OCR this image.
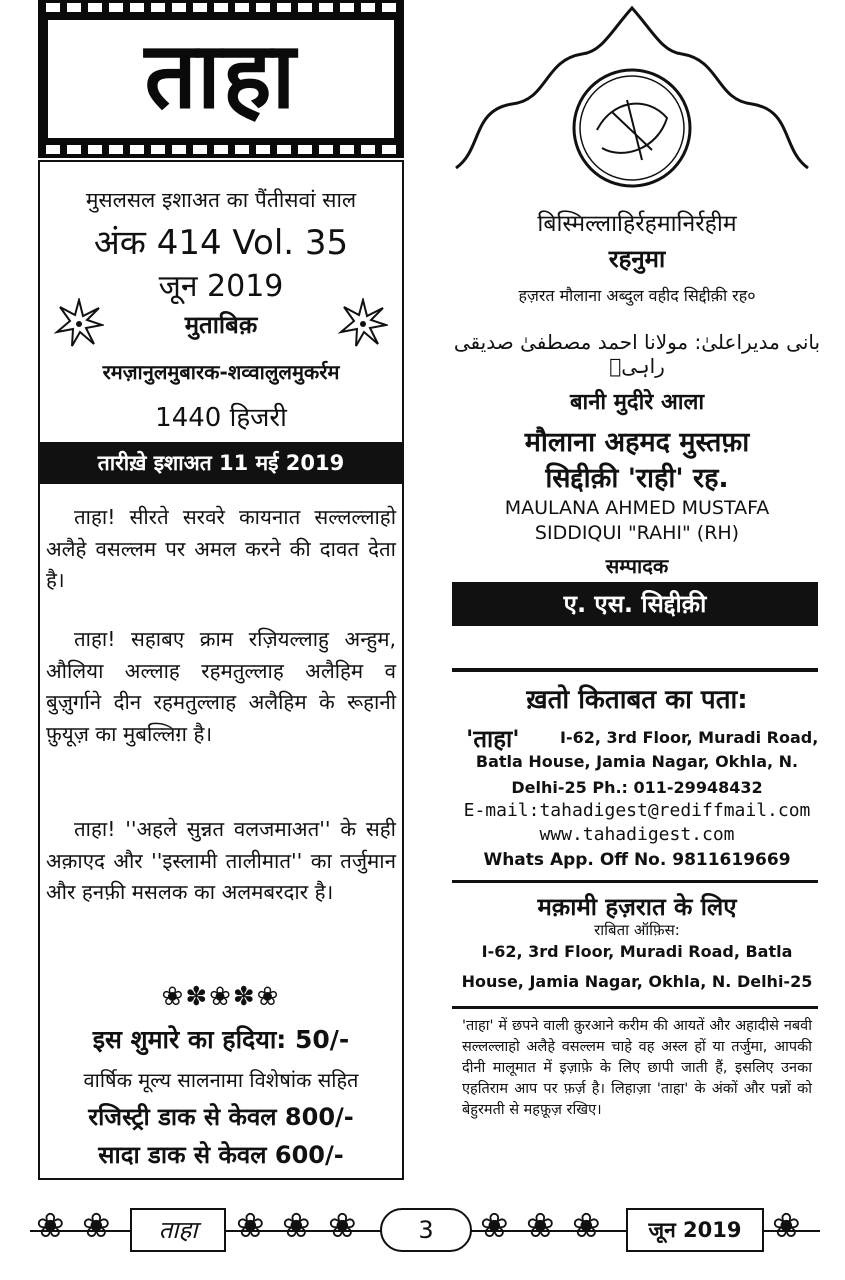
ताहा
मुसलसल इशाअत का पैंतीसवां साल
अंक 414 Vol. 35
जून 2019
मुताबिक़
रमज़ानुलमुबारक-शव्वालुलमुकर्रम
1440 हिजरी
तारीख़े इशाअत 11 मई 2019
ताहा! सीरते सरवरे कायनात सल्लल्लाहो अलैहे वसल्लम पर अमल करने की दावत देता है।
ताहा! सहाबए क्राम रज़ियल्लाहु अन्हुम, औलिया अल्लाह रहमतुल्लाह अलैहिम व बुज़ुर्गाने दीन रहमतुल्लाह अलैहिम के रूहानी फ़ुयूज़ का मुबल्लिग़ है।
ताहा! ''अहले सुन्नत वलजमाअत'' के सही अक़ाएद और ''इस्लामी तालीमात'' का तर्जुमान और हनफ़ी मसलक का अलमबरदार है।
❀✽❀✽❀
इस शुमारे का हदिया: 50/-
वार्षिक मूल्य सालनामा विशेषांक सहित
रजिस्ट्री डाक से केवल 800/-
सादा डाक से केवल 600/-
बिस्मिल्लाहिर्रहमानिर्रहीम
रहनुमा
हज़रत मौलाना अब्दुल वहीद सिद्दीक़ी रह०
بانی مدیراعلیٰ: مولانا احمد مصطفیٰ صدیقی راہیؔ
बानी मुदीरे आला
मौलाना अहमद मुस्तफ़ा
सिद्दीक़ी 'राही' रह.
MAULANA AHMED MUSTAFA
SIDDIQUI "RAHI" (RH)
सम्पादक
ए. एस. सिद्दीक़ी
ख़तो किताबत का पता:
'ताहा'	I-62, 3rd Floor, Muradi Road,
Batla House, Jamia Nagar, Okhla, N.
Delhi-25 Ph.: 011-29948432
E-mail:tahadigest@rediffmail.com
www.tahadigest.com
Whats App. Off No. 9811619669
मक़ामी हज़रात के लिए
राबिता ऑफ़िस:
I-62, 3rd Floor, Muradi Road, Batla
House, Jamia Nagar, Okhla, N. Delhi-25
'ताहा' में छपने वाली क़ुरआने करीम की आयतें और अहादीसे नबवी सल्लल्लाहो अलैहे वसल्लम चाहे वह अस्ल हों या तर्जुमा, आपकी दीनी मालूमात में इज़ाफ़े के लिए छापी जाती हैं, इसलिए उनका एहतिराम आप पर फ़र्ज़ है। लिहाज़ा 'ताहा' के अंकों और पन्नों को बेहुरमती से महफ़ूज़ रखिए।
❀ ❀	ताहा	❀ ❀ ❀	3	❀ ❀ ❀	जून 2019 ❀
